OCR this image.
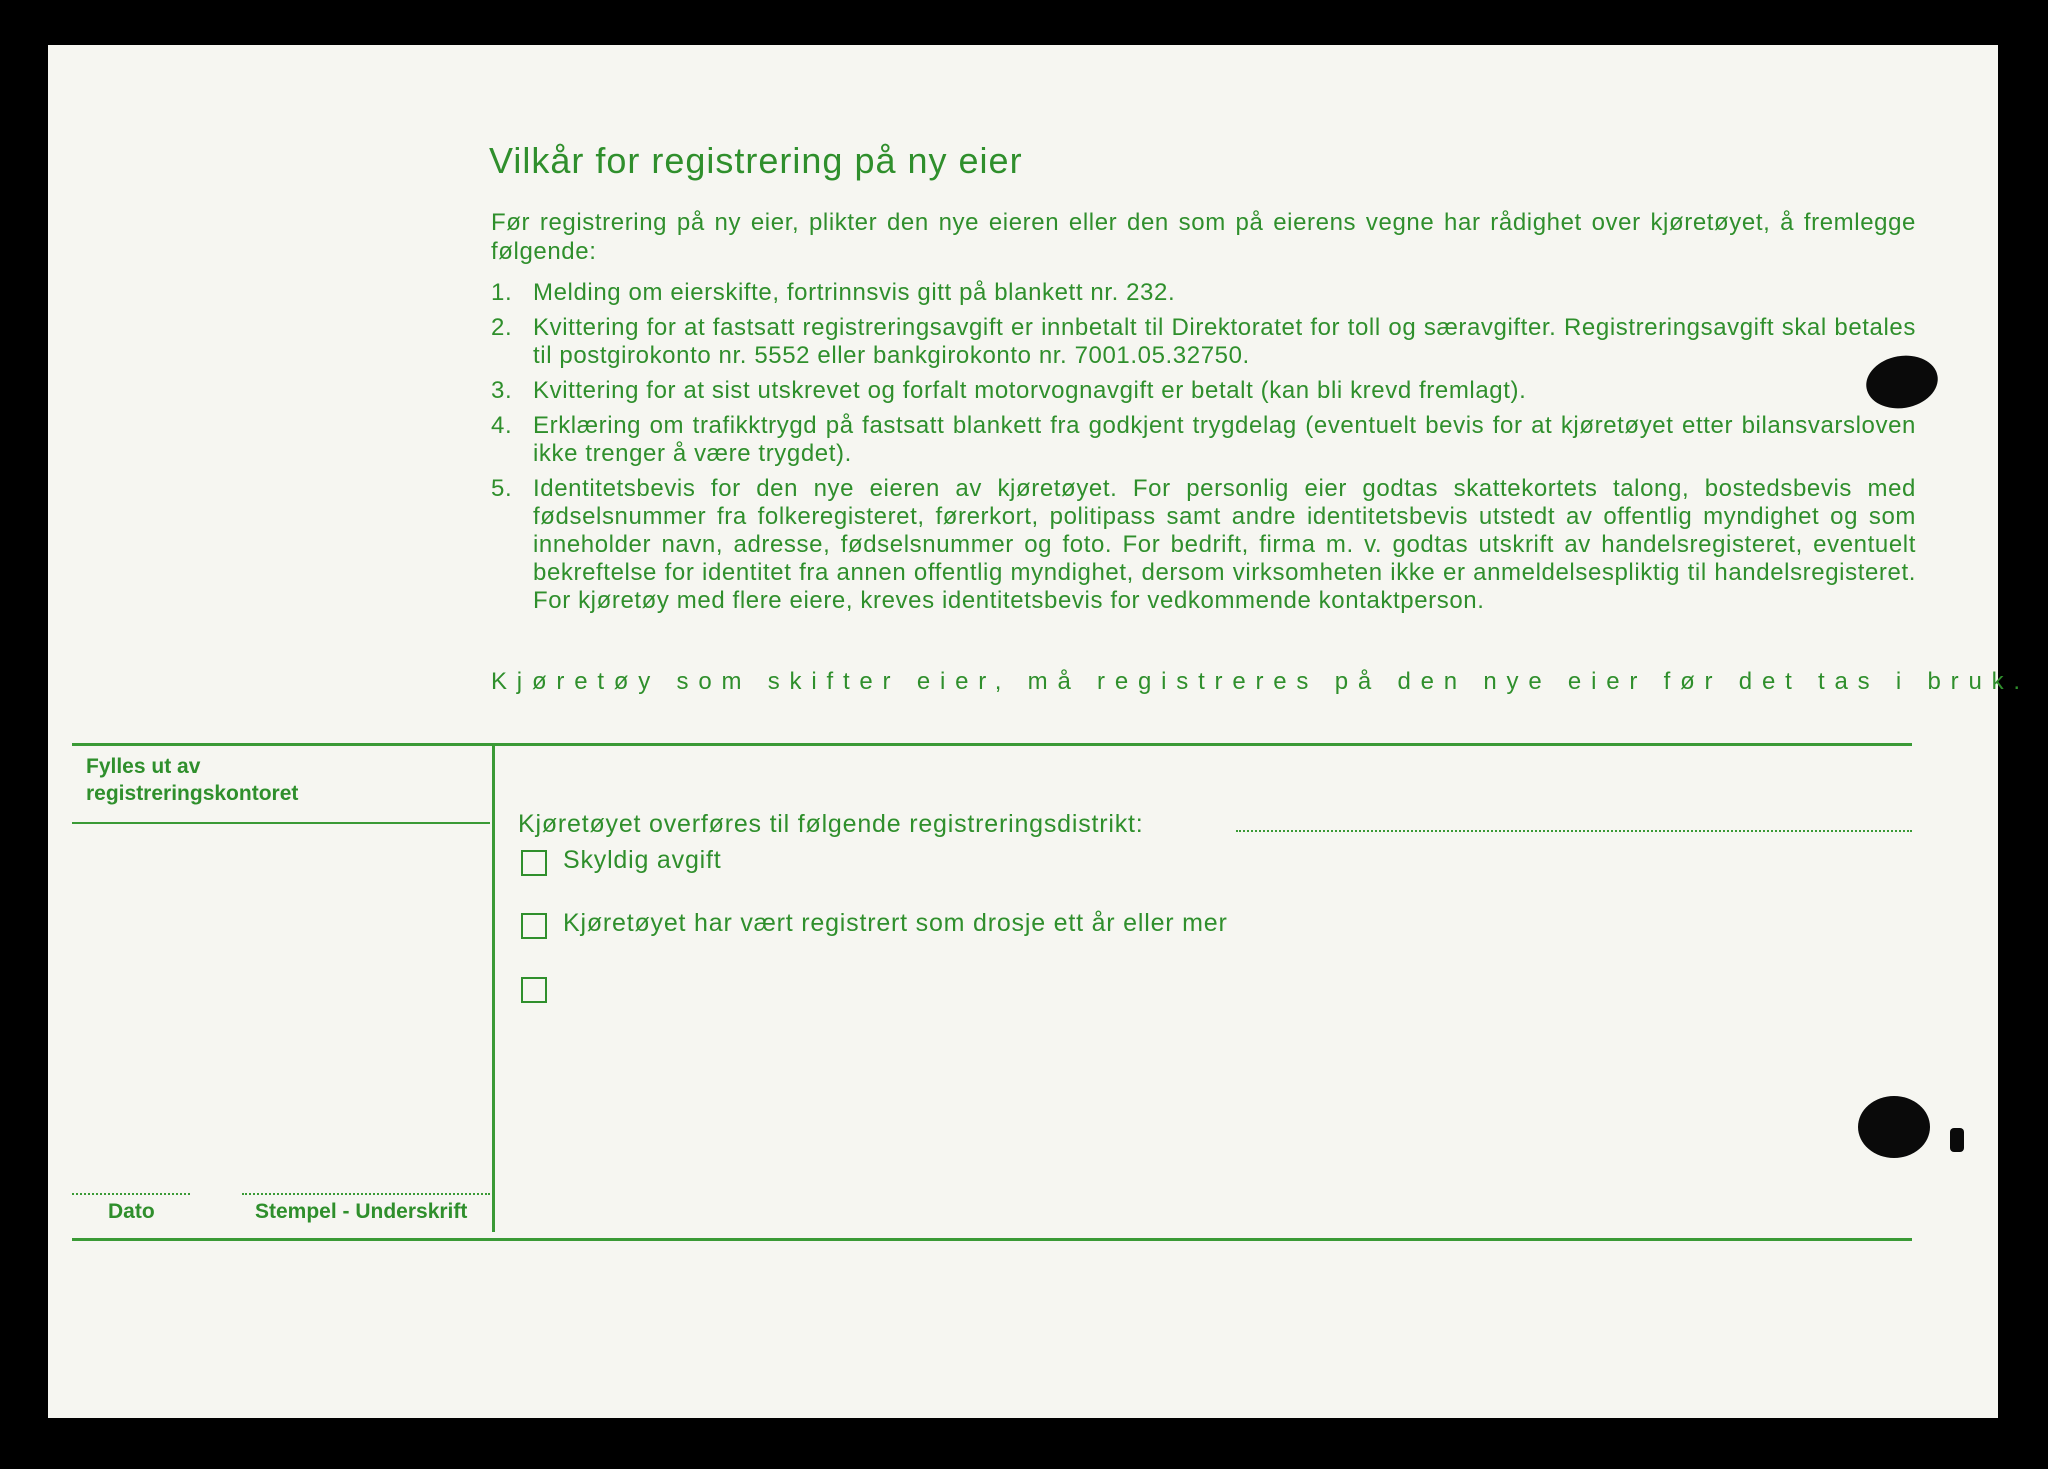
Vilkår for registrering på ny eier
Før registrering på ny eier, plikter den nye eieren eller den som på eierens vegne har rådighet over kjøretøyet, å fremlegge følgende:
1. Melding om eierskifte, fortrinnsvis gitt på blankett nr. 232.
2. Kvittering for at fastsatt registreringsavgift er innbetalt til Direktoratet for toll og særavgifter. Registreringsavgift skal betales til postgirokonto nr. 5552 eller bankgirokonto nr. 7001.05.32750.
3. Kvittering for at sist utskrevet og forfalt motorvognavgift er betalt (kan bli krevd fremlagt).
4. Erklæring om trafikktrygd på fastsatt blankett fra godkjent trygdelag (eventuelt bevis for at kjøretøyet etter bilansvarsloven ikke trenger å være trygdet).
5. Identitetsbevis for den nye eieren av kjøretøyet. For personlig eier godtas skattekortets talong, bostedsbevis med fødselsnummer fra folkeregisteret, førerkort, politipass samt andre identitetsbevis utstedt av offentlig myndighet og som inneholder navn, adresse, fødselsnummer og foto. For bedrift, firma m. v. godtas utskrift av handelsregisteret, eventuelt bekreftelse for identitet fra annen offentlig myndighet, dersom virksomheten ikke er anmeldelsespliktig til handelsregisteret. For kjøretøy med flere eiere, kreves identitetsbevis for vedkommende kontaktperson.
Kjøretøy som skifter eier, må registreres på den nye eier før det tas i bruk.
Fylles ut av
registreringskontoret
Dato	Stempel - Underskrift
Kjøretøyet overføres til følgende registreringsdistrikt:
Skyldig avgift
Kjøretøyet har vært registrert som drosje ett år eller mer
